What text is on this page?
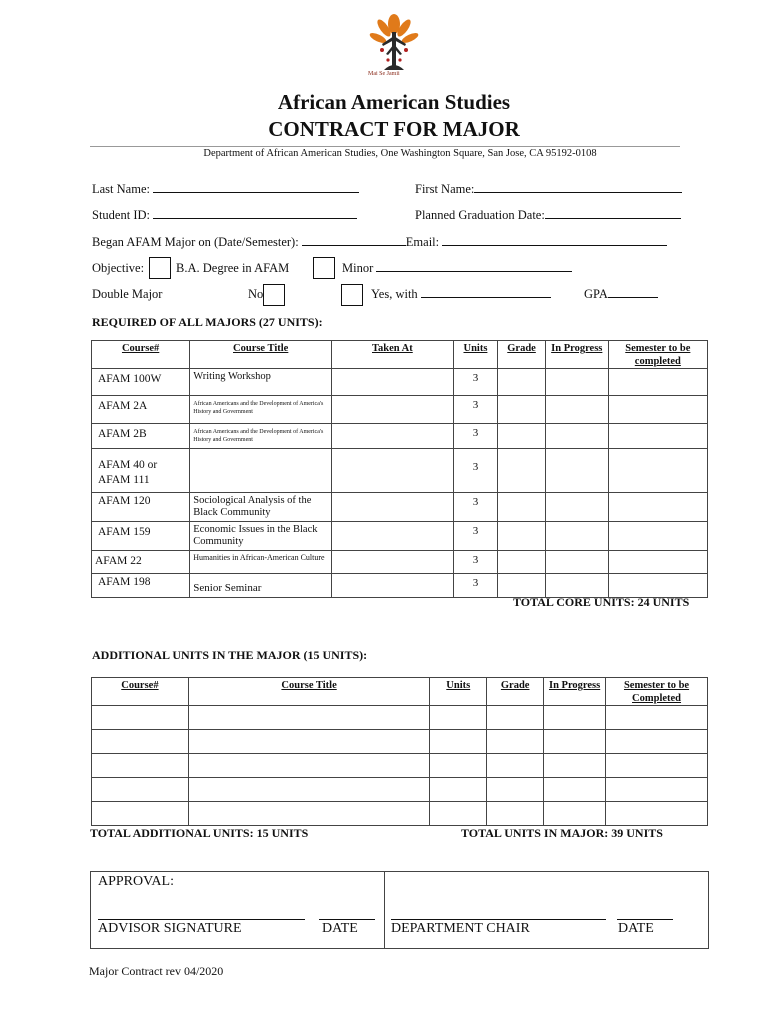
Mai Se Jamii
African American Studies
CONTRACT FOR MAJOR
Department of African American Studies, One Washington Square, San Jose, CA 95192-0108
Last Name:	First Name:
Student ID:	Planned Graduation Date:
Began AFAM Major on (Date/Semester):	Email:
Objective:	B.A. Degree in AFAM	Minor
Double Major	No	Yes, with	GPA
REQUIRED OF ALL MAJORS (27 UNITS):
Course#	Course Title	Taken At	Units	Grade	In Progress	Semester to be completed
AFAM 100W	Writing Workshop		3			
AFAM 2A	African Americans and the Development of America's History and Government		3			
AFAM 2B	African Americans and the Development of America's History and Government		3			
AFAM 40 or AFAM 111			3			
AFAM 120	Sociological Analysis of the Black Community		3			
AFAM 159	Economic Issues in the Black Community		3			
AFAM 22	Humanities in African-American Culture		3			
AFAM 198	Senior Seminar		3			
TOTAL CORE UNITS: 24 UNITS
ADDITIONAL UNITS IN THE MAJOR (15 UNITS):
Course#	Course Title	Units	Grade	In Progress	Semester to be Completed

TOTAL ADDITIONAL UNITS: 15 UNITS	TOTAL UNITS IN MAJOR: 39 UNITS
APPROVAL:
ADVISOR SIGNATURE	DATE DEPARTMENT CHAIR	DATE
Major Contract rev 04/2020
